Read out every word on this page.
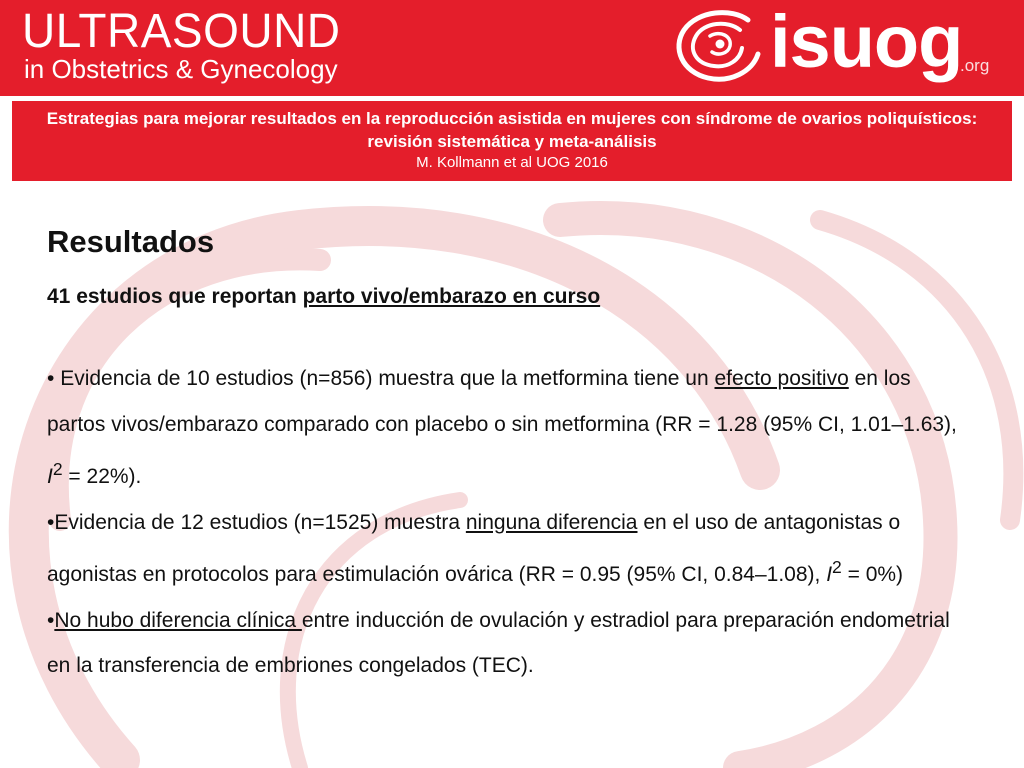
ULTRASOUND
in Obstetrics & Gynecology	isuog
.org
Estrategias para mejorar resultados en la reproducción asistida en mujeres con síndrome de ovarios poliquísticos: revisión sistemática y meta-análisis
M. Kollmann et al UOG 2016
Resultados
41 estudios que reportan parto vivo/embarazo en curso
• Evidencia de 10 estudios (n=856) muestra que la metformina tiene un efecto positivo en los partos vivos/embarazo comparado con placebo o sin metformina (RR = 1.28 (95% CI, 1.01–1.63), $I^2 = 22\%$).
•Evidencia de 12 estudios (n=1525) muestra ninguna diferencia en el uso de antagonistas o agonistas en protocolos para estimulación ovárica (RR = 0.95 (95% CI, 0.84–1.08), $I^2 = 0\%$)
•No hubo diferencia clínica entre inducción de ovulación y estradiol para preparación endometrial en la transferencia de embriones congelados (TEC).
